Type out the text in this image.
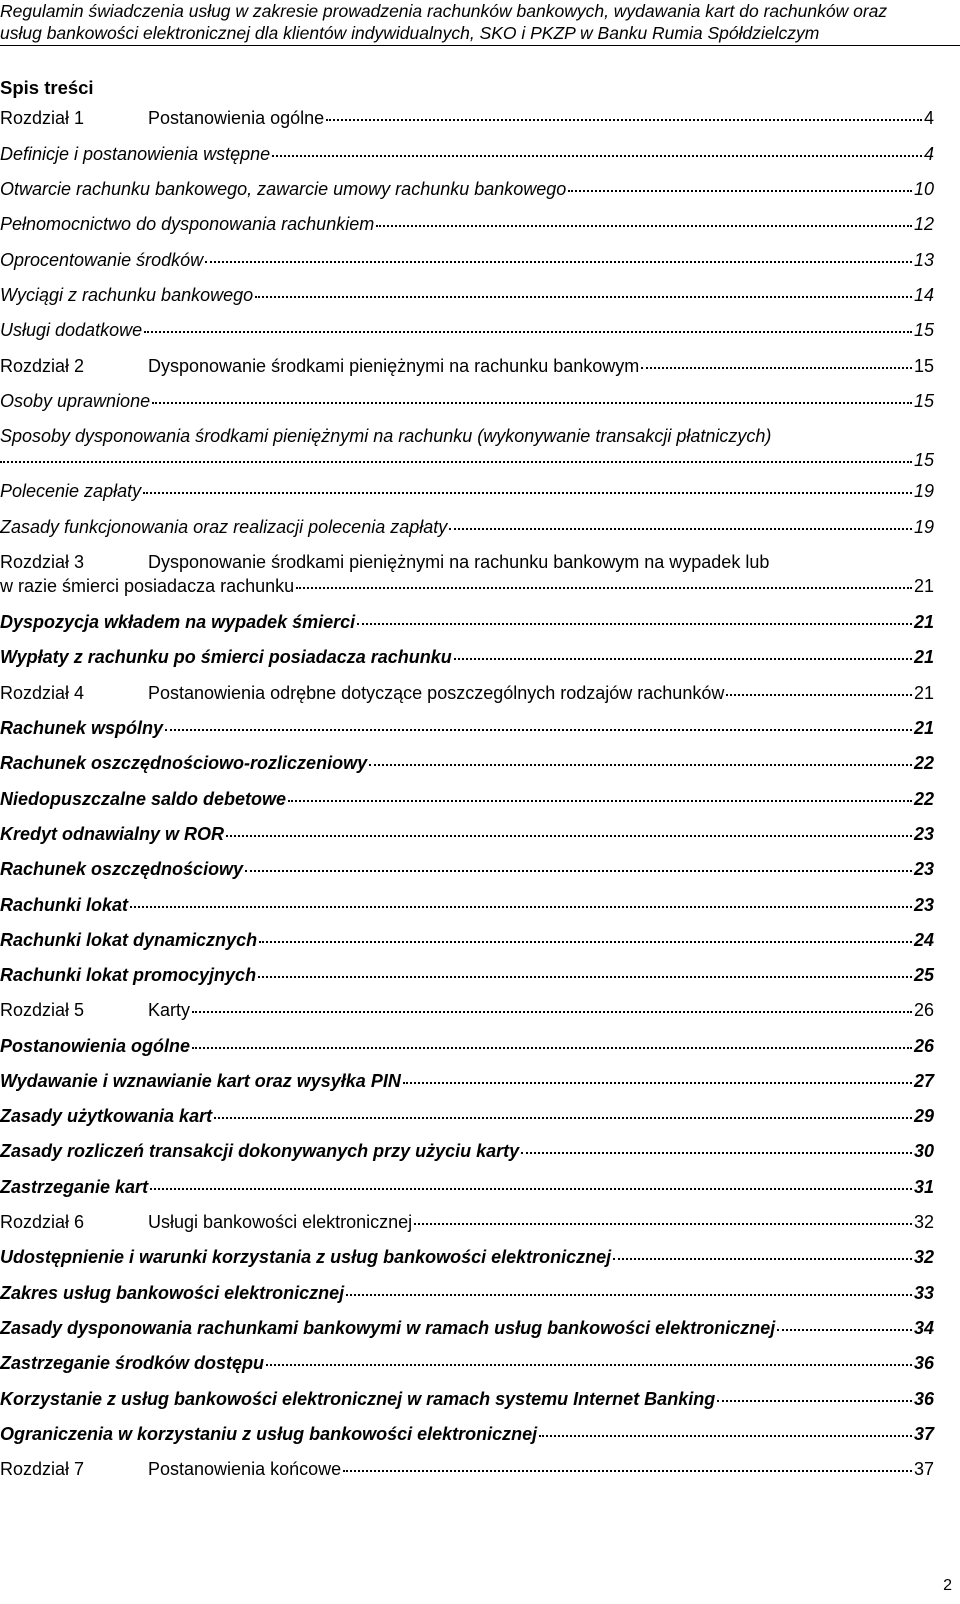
Regulamin świadczenia usług w zakresie prowadzenia rachunków bankowych, wydawania kart do rachunków oraz
usług bankowości elektronicznej dla klientów indywidualnych, SKO i PKZP w Banku Rumia Spółdzielczym
Spis treści
Rozdział 1	Postanowienia ogólne	4
Definicje i postanowienia wstępne	4
Otwarcie rachunku bankowego, zawarcie umowy rachunku bankowego	10
Pełnomocnictwo do dysponowania rachunkiem	12
Oprocentowanie środków	13
Wyciągi z rachunku bankowego	14
Usługi dodatkowe	15
Rozdział 2	Dysponowanie środkami pieniężnymi na rachunku bankowym	15
Osoby uprawnione	15
Sposoby dysponowania środkami pieniężnymi na rachunku (wykonywanie transakcji płatniczych)
15
Polecenie zapłaty	19
Zasady funkcjonowania oraz realizacji polecenia zapłaty	19
Rozdział 3	Dysponowanie środkami pieniężnymi na rachunku bankowym na wypadek lub
w razie śmierci posiadacza rachunku	21
Dyspozycja wkładem na wypadek śmierci	21
Wypłaty z rachunku po śmierci posiadacza rachunku	21
Rozdział 4	Postanowienia odrębne dotyczące poszczególnych rodzajów rachunków	21
Rachunek wspólny	21
Rachunek oszczędnościowo-rozliczeniowy	22
Niedopuszczalne saldo debetowe	22
Kredyt odnawialny w ROR	23
Rachunek oszczędnościowy	23
Rachunki lokat	23
Rachunki lokat dynamicznych	24
Rachunki lokat promocyjnych	25
Rozdział 5	Karty	26
Postanowienia ogólne	26
Wydawanie i wznawianie kart oraz wysyłka PIN	27
Zasady użytkowania kart	29
Zasady rozliczeń transakcji dokonywanych przy użyciu karty	30
Zastrzeganie kart	31
Rozdział 6	Usługi bankowości elektronicznej	32
Udostępnienie i warunki korzystania z usług bankowości elektronicznej	32
Zakres usług bankowości elektronicznej	33
Zasady dysponowania rachunkami bankowymi w ramach usług bankowości elektronicznej	34
Zastrzeganie środków dostępu	36
Korzystanie z usług bankowości elektronicznej w ramach systemu Internet Banking	36
Ograniczenia w korzystaniu z usług bankowości elektronicznej	37
Rozdział 7	Postanowienia końcowe	37
2
